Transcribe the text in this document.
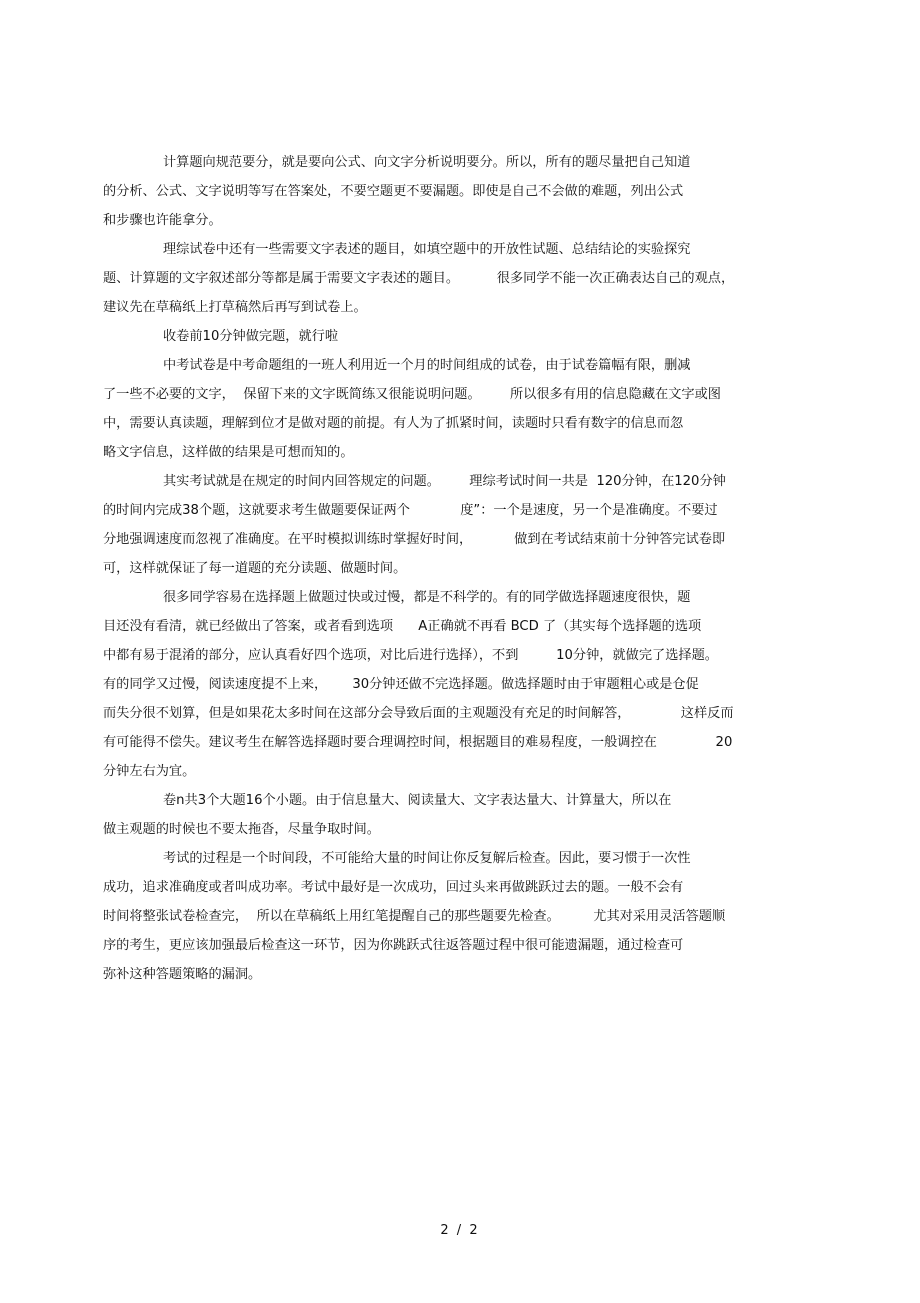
计算题向规范要分，就是要向公式、向文字分析说明要分。所以，所有的题尽量把自己知道
的分析、公式、文字说明等写在答案处，不要空题更不要漏题。即使是自己不会做的难题，列出公式
和步骤也许能拿分。
理综试卷中还有一些需要文字表述的题目，如填空题中的开放性试题、总结结论的实验探究
题、计算题的文字叙述部分等都是属于需要文字表述的题目。         很多同学不能一次正确表达自己的观点，
建议先在草稿纸上打草稿然后再写到试卷上。
收卷前10分钟做完题，就行啦
中考试卷是中考命题组的一班人利用近一个月的时间组成的试卷，由于试卷篇幅有限，删减
了一些不必要的文字，  保留下来的文字既简练又很能说明问题。       所以很多有用的信息隐藏在文字或图
中，需要认真读题，理解到位才是做对题的前提。有人为了抓紧时间，读题时只看有数字的信息而忽
略文字信息，这样做的结果是可想而知的。
其实考试就是在规定的时间内回答规定的问题。       理综考试时间一共是  120分钟，在120分钟
的时间内完成38个题，这就要求考生做题要保证两个            度”：一个是速度，另一个是准确度。不要过
分地强调速度而忽视了准确度。在平时模拟训练时掌握好时间，          做到在考试结束前十分钟答完试卷即
可，这样就保证了每一道题的充分读题、做题时间。
很多同学容易在选择题上做题过快或过慢，都是不科学的。有的同学做选择题速度很快，题
目还没有看清，就已经做出了答案，或者看到选项      A正确就不再看 BCD 了（其实每个选择题的选项
中都有易于混淆的部分，应认真看好四个选项，对比后进行选择），不到         10分钟，就做完了选择题。
有的同学又过慢，阅读速度提不上来，      30分钟还做不完选择题。做选择题时由于审题粗心或是仓促
而失分很不划算，但是如果花太多时间在这部分会导致后面的主观题没有充足的时间解答，            这样反而
有可能得不偿失。建议考生在解答选择题时要合理调控时间，根据题目的难易程度，一般调控在              20
分钟左右为宜。
卷n共3个大题16个小题。由于信息量大、阅读量大、文字表达量大、计算量大，所以在
做主观题的时候也不要太拖沓，尽量争取时间。
考试的过程是一个时间段，不可能给大量的时间让你反复解后检查。因此，要习惯于一次性
成功，追求准确度或者叫成功率。考试中最好是一次成功，回过头来再做跳跃过去的题。一般不会有
时间将整张试卷检查完，  所以在草稿纸上用红笔提醒自己的那些题要先检查。        尤其对采用灵活答题顺
序的考生，更应该加强最后检查这一环节，因为你跳跃式往返答题过程中很可能遗漏题，通过检查可
弥补这种答题策略的漏洞。
2 / 2
